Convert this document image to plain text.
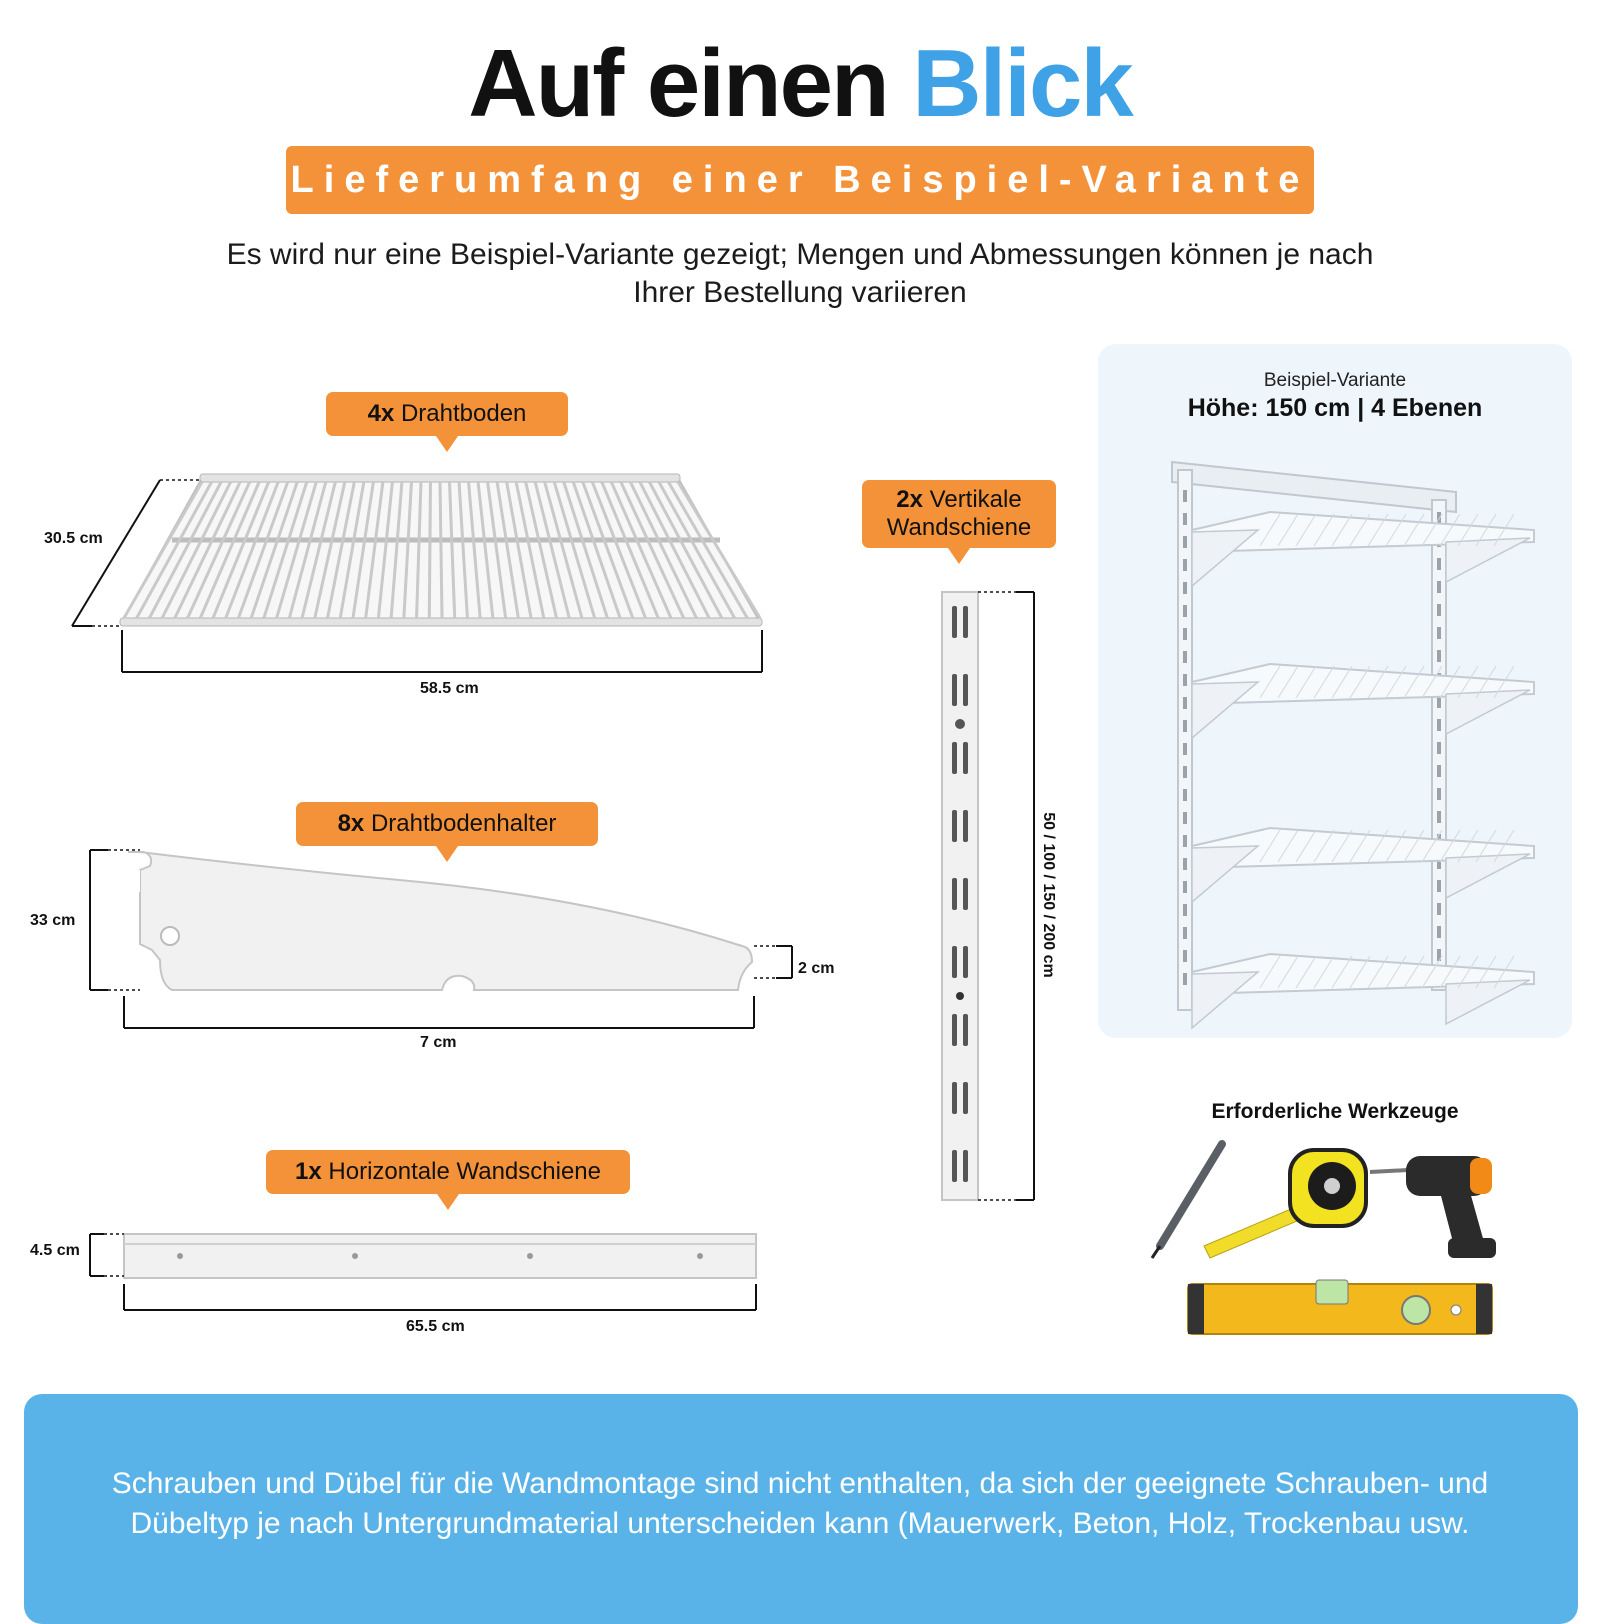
Auf einen Blick
Lieferumfang einer Beispiel-Variante
Es wird nur eine Beispiel-Variante gezeigt; Mengen und Abmessungen können je nach
Ihrer Bestellung variieren
Beispiel-Variante
Höhe: 150 cm | 4 Ebenen
4x Drahtboden
8x Drahtbodenhalter
1x Horizontale Wandschiene
2x Vertikale
Wandschiene
30.5 cm
58.5 cm
33 cm
2 cm
7 cm
4.5 cm
65.5 cm
50 / 100 / 150 / 200 cm
Erforderliche Werkzeuge
Schrauben und Dübel für die Wandmontage sind nicht enthalten, da sich der geeignete Schrauben- und
Dübeltyp je nach Untergrundmaterial unterscheiden kann (Mauerwerk, Beton, Holz, Trockenbau usw.
